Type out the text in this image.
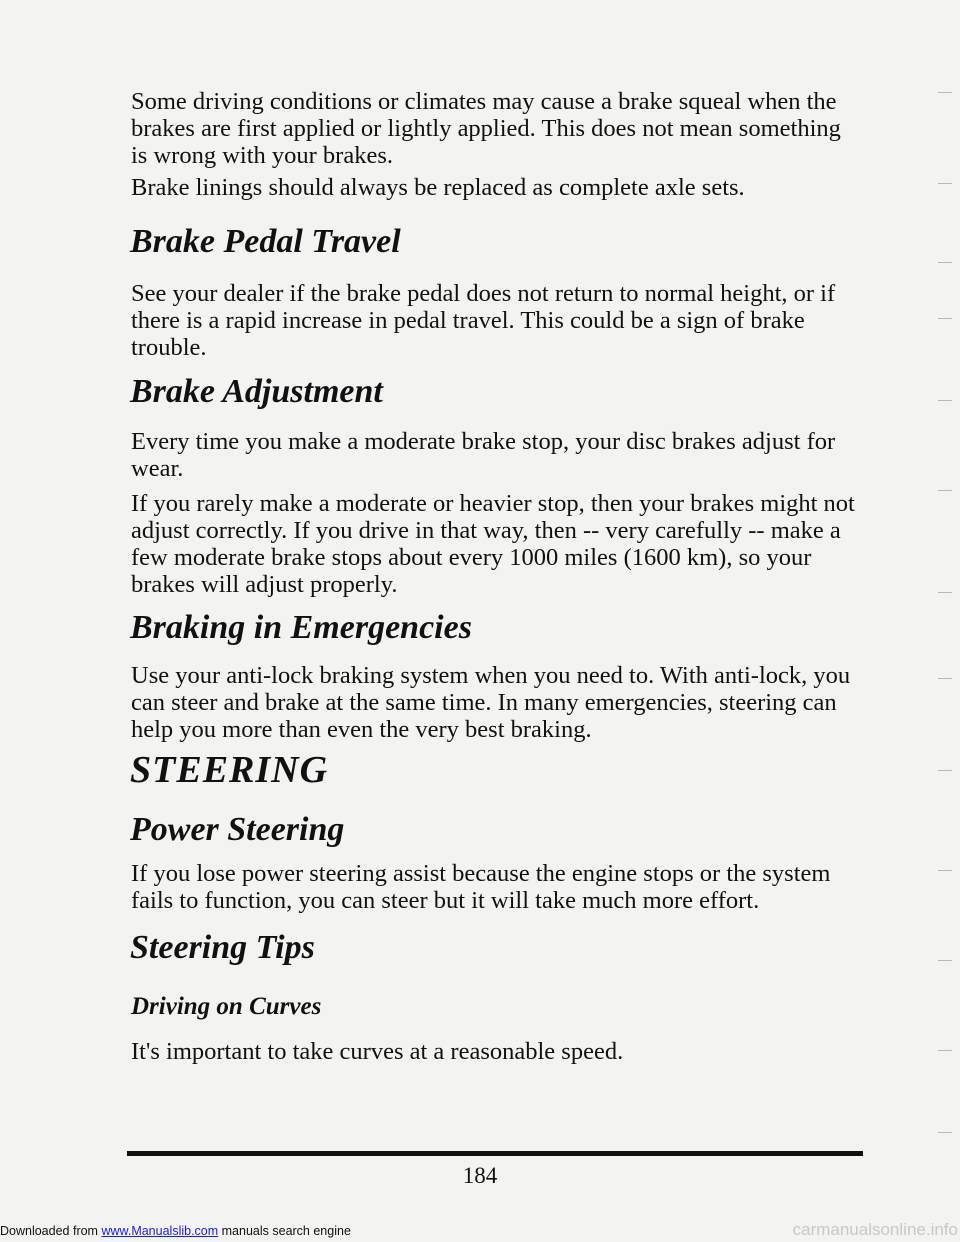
Some driving conditions or climates may cause a brake squeal when the brakes are first applied or lightly applied. This does not mean something is wrong with your brakes.

Brake linings should always be replaced as complete axle sets.

Brake Pedal Travel

See your dealer if the brake pedal does not return to normal height, or if there is a rapid increase in pedal travel. This could be a sign of brake trouble.

Brake Adjustment

Every time you make a moderate brake stop, your disc brakes adjust for wear.

If you rarely make a moderate or heavier stop, then your brakes might not adjust correctly. If you drive in that way, then -- very carefully -- make a few moderate brake stops about every 1000 miles (1600 km), so your brakes will adjust properly.

Braking in Emergencies

Use your anti-lock braking system when you need to. With anti-lock, you can steer and brake at the same time. In many emergencies, steering can help you more than even the very best braking.

STEERING
Power Steering

If you lose power steering assist because the engine stops or the system fails to function, you can steer but it will take much more effort.

Steering Tips
Driving on Curves

It's important to take curves at a reasonable speed.

184
Downloaded from www.Manualslib.com manuals search engine	carmanualsonline.info
